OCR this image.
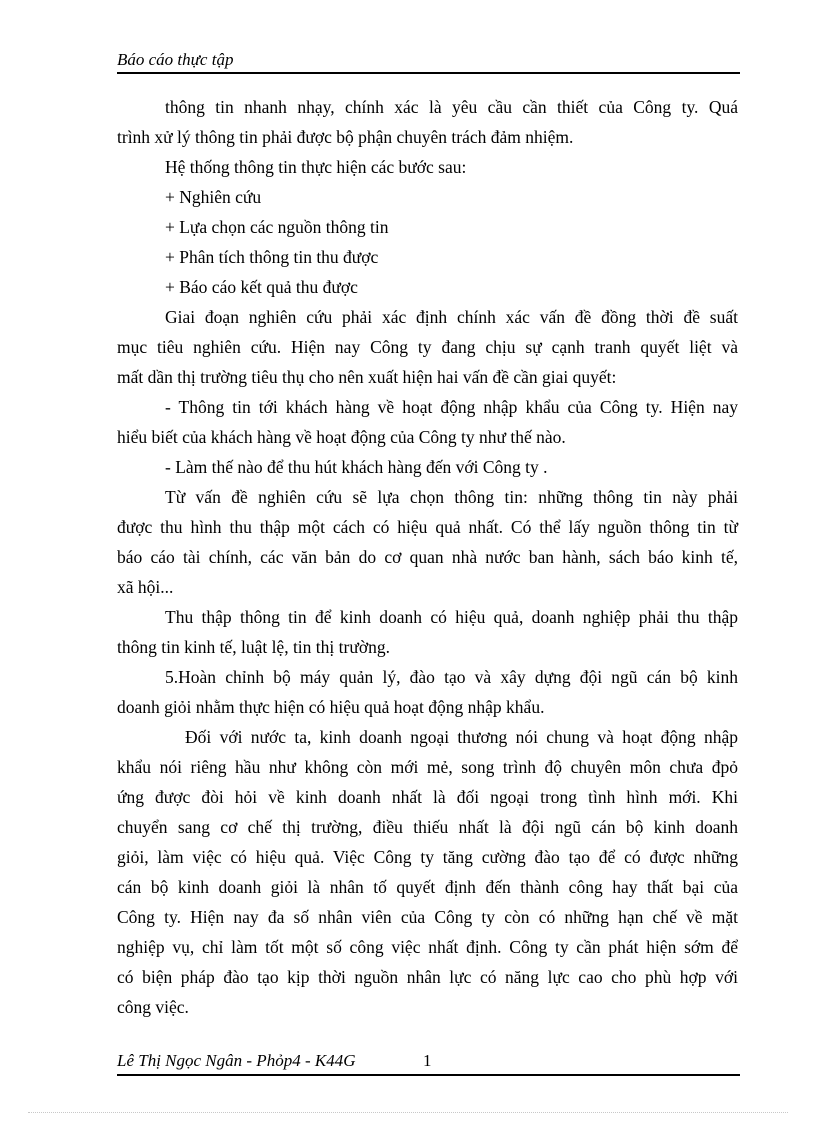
Báo cáo thực tập
thông tin nhanh nhạy, chính xác là yêu cầu cần thiết của Công ty. Quá
trình xử lý thông tin phải được bộ phận chuyên trách đảm nhiệm.
Hệ thống thông tin thực hiện các bước sau:
+ Nghiên cứu
+ Lựa chọn các nguồn thông tin
+ Phân tích thông tin thu được
+ Báo cáo kết quả thu được
Giai đoạn nghiên cứu phải xác định chính xác vấn đề đồng thời đề suất
mục tiêu nghiên cứu. Hiện nay Công ty đang chịu sự cạnh tranh quyết liệt và
mất dần thị trường tiêu thụ cho nên xuất hiện hai vấn đề cần giai quyết:
- Thông tin tới khách hàng về hoạt động nhập khẩu của Công ty. Hiện nay
hiểu biết của khách hàng về hoạt động của Công ty như thế nào.
- Làm thế nào để thu hút khách hàng đến với Công ty .
Từ vấn đề nghiên cứu sẽ lựa chọn thông tin: những thông tin này phải
được thu hình thu thập một cách có hiệu quả nhất. Có thể lấy nguồn thông tin từ
báo cáo tài chính, các văn bản do cơ quan nhà nước ban hành, sách báo kinh tế,
xã hội...
Thu thập thông tin để kinh doanh có hiệu quả, doanh nghiệp phải thu thập
thông tin kinh tế, luật lệ, tin thị trường.
5.Hoàn chỉnh bộ máy quản lý, đào tạo và xây dựng đội ngũ cán bộ kinh
doanh giỏi nhằm thực hiện có hiệu quả hoạt động nhập khẩu.
Đối với nước ta, kinh doanh ngoại thương nói chung và hoạt động nhập
khẩu nói riêng hầu như không còn mới mẻ, song trình độ chuyên môn chưa đpỏ
ứng được đòi hỏi về kinh doanh nhất là đối ngoại trong tình hình mới. Khi
chuyển sang cơ chế thị trường, điều thiếu nhất là đội ngũ cán bộ kinh doanh
giỏi, làm việc có hiệu quả. Việc Công ty tăng cường đào tạo để có được những
cán bộ kinh doanh giỏi là nhân tố quyết định đến thành công hay thất bại của
Công ty. Hiện nay đa số nhân viên của Công ty còn có những hạn chế về mặt
nghiệp vụ, chỉ làm tốt một số công việc nhất định. Công ty cần phát hiện sớm để
có biện pháp đào tạo kịp thời nguồn nhân lực có năng lực cao cho phù hợp với
công việc.
Lê Thị Ngọc Ngân - Phỏp4 - K44G	1
